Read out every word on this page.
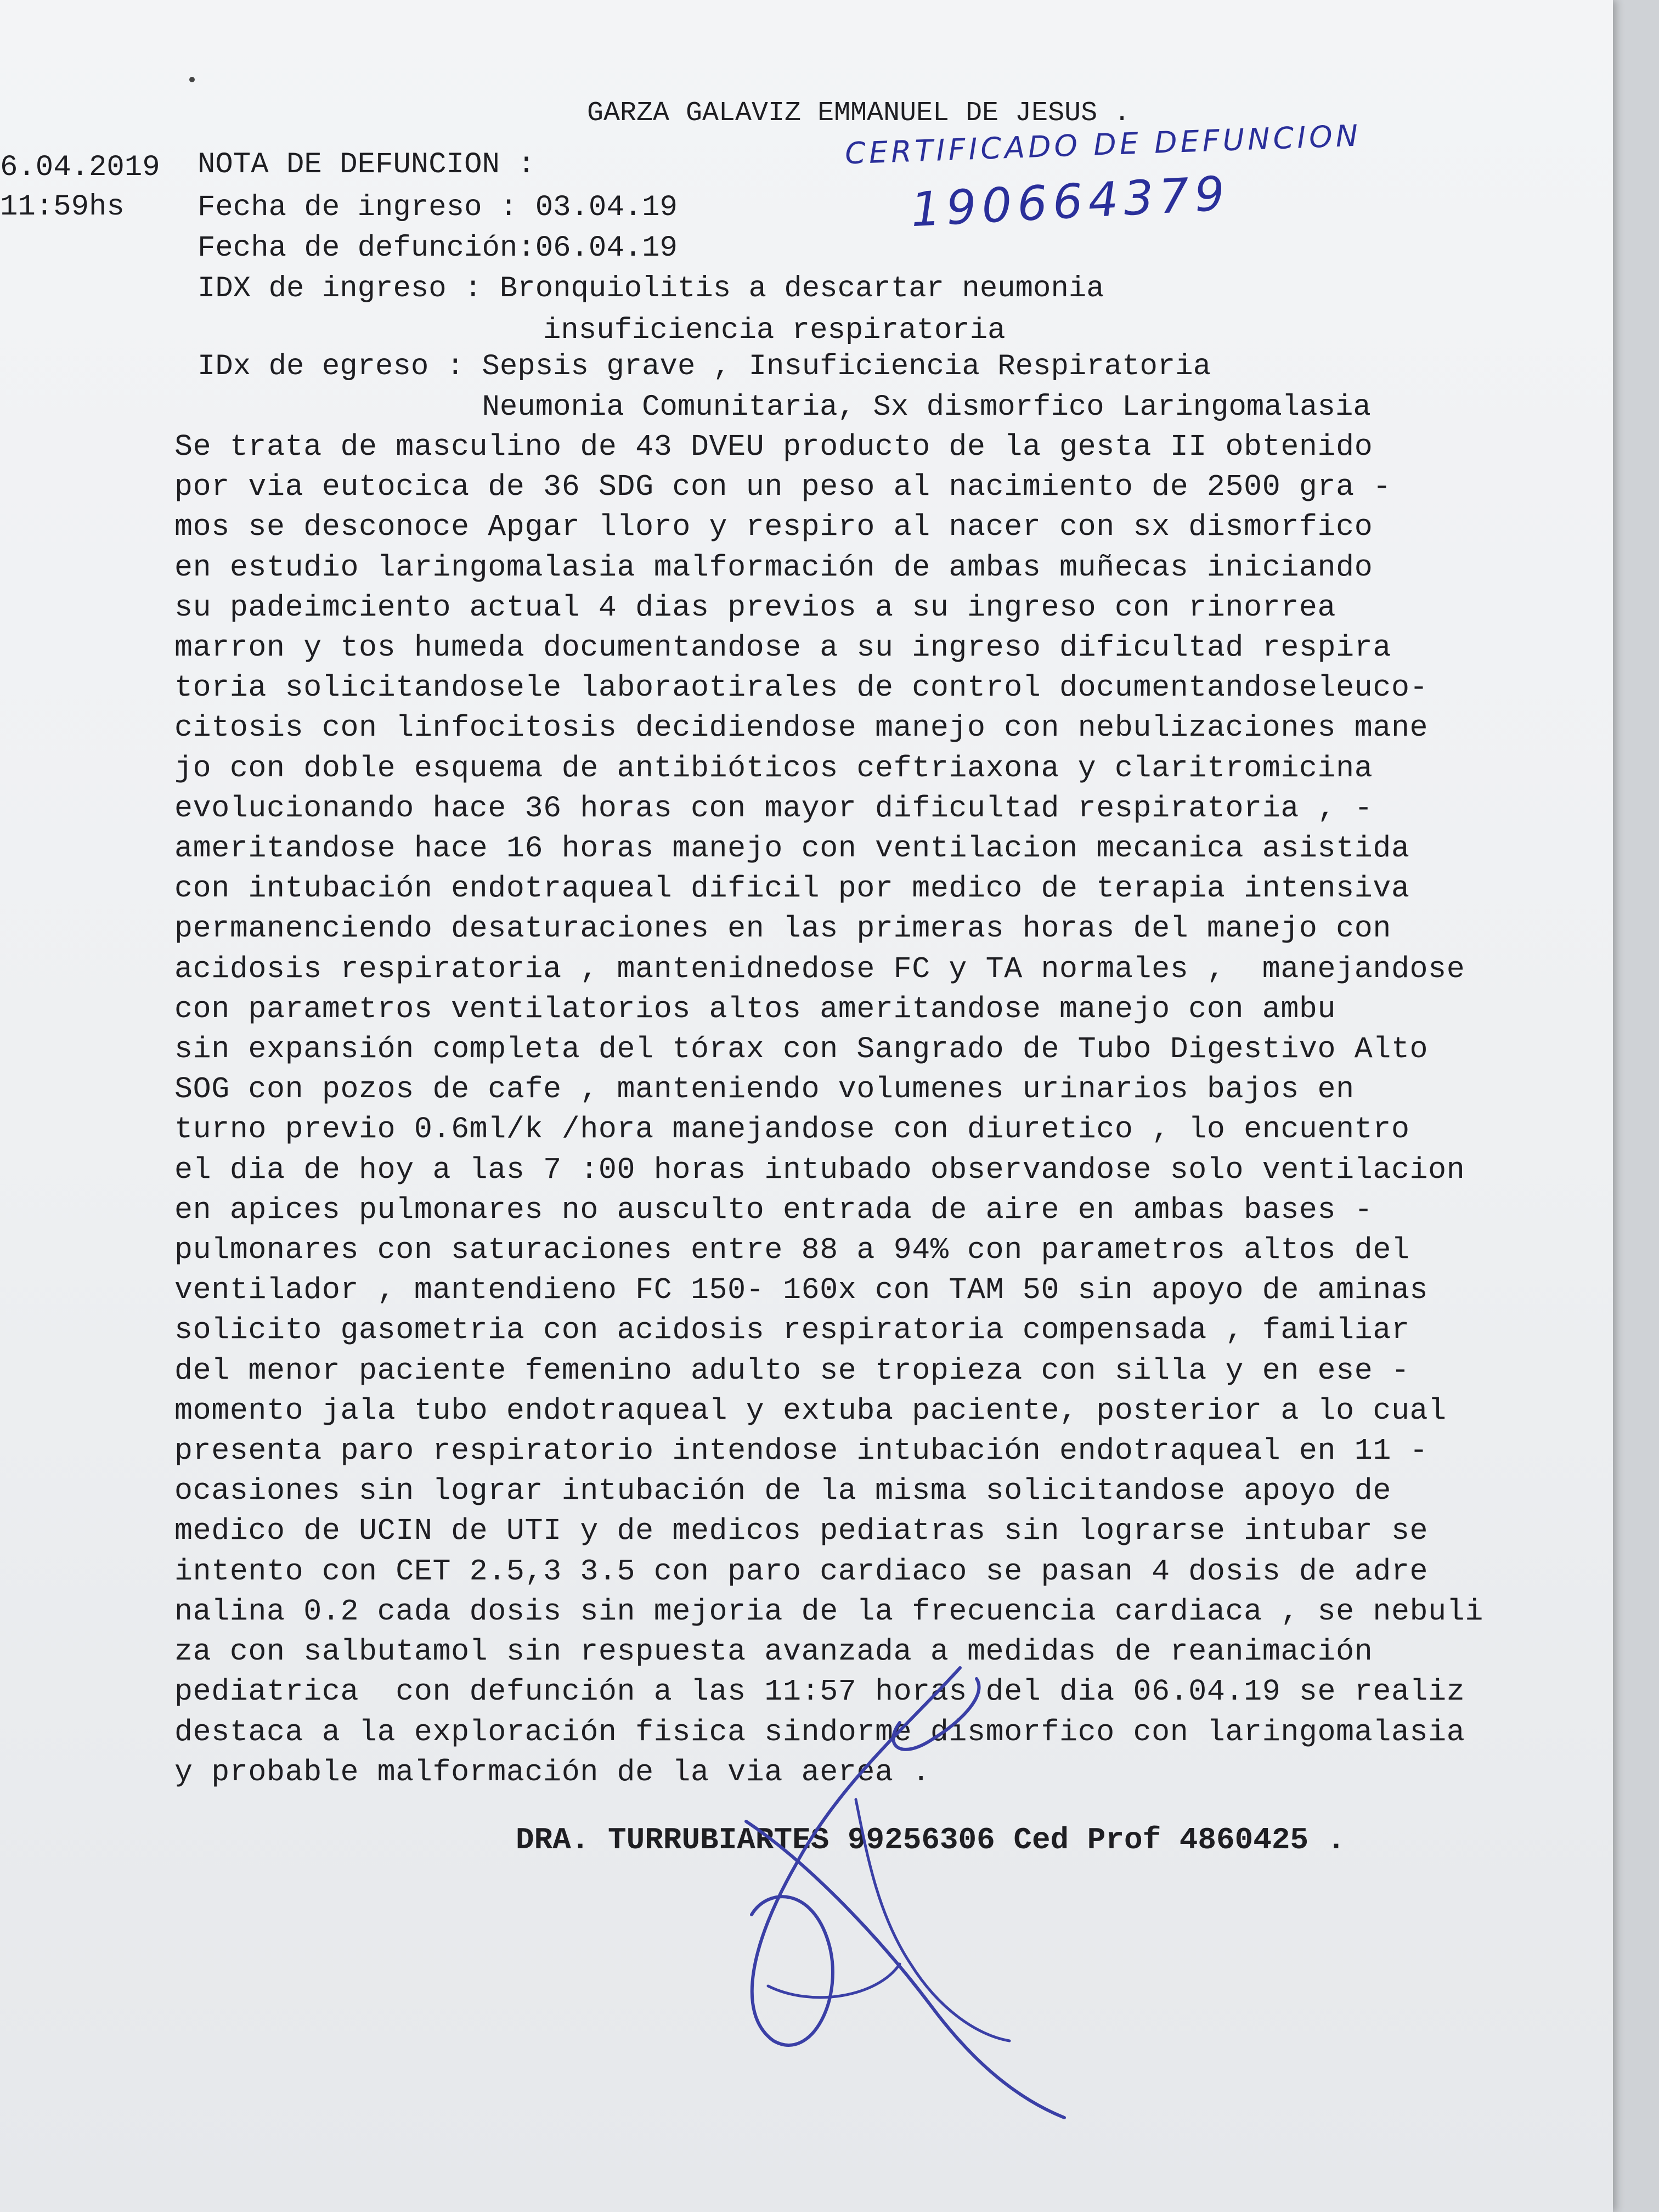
GARZA GALAVIZ EMMANUEL DE JESUS .
6.04.2019
11:59hs
NOTA DE DEFUNCION :
Fecha de ingreso : 03.04.19
Fecha de defunción:06.04.19
IDX de ingreso : Bronquiolitis a descartar neumonia
insuficiencia respiratoria
IDx de egreso : Sepsis grave , Insuficiencia Respiratoria
Neumonia Comunitaria, Sx dismorfico Laringomalasia
Se trata de masculino de 43 DVEU producto de la gesta II obtenido
por via eutocica de 36 SDG con un peso al nacimiento de 2500 gra -
mos se desconoce Apgar lloro y respiro al nacer con sx dismorfico
en estudio laringomalasia malformación de ambas muñecas iniciando
su padeimciento actual 4 dias previos a su ingreso con rinorrea
marron y tos humeda documentandose a su ingreso dificultad respira
toria solicitandosele laboraotirales de control documentandoseleuco-
citosis con linfocitosis decidiendose manejo con nebulizaciones mane
jo con doble esquema de antibióticos ceftriaxona y claritromicina
evolucionando hace 36 horas con mayor dificultad respiratoria , -
ameritandose hace 16 horas manejo con ventilacion mecanica asistida
con intubación endotraqueal dificil por medico de terapia intensiva
permanenciendo desaturaciones en las primeras horas del manejo con
acidosis respiratoria , mantenidnedose FC y TA normales ,  manejandose
con parametros ventilatorios altos ameritandose manejo con ambu
sin expansión completa del tórax con Sangrado de Tubo Digestivo Alto
SOG con pozos de cafe , manteniendo volumenes urinarios bajos en
turno previo 0.6ml/k /hora manejandose con diuretico , lo encuentro
el dia de hoy a las 7 :00 horas intubado observandose solo ventilacion
en apices pulmonares no ausculto entrada de aire en ambas bases -
pulmonares con saturaciones entre 88 a 94% con parametros altos del
ventilador , mantendieno FC 150- 160x con TAM 50 sin apoyo de aminas
solicito gasometria con acidosis respiratoria compensada , familiar
del menor paciente femenino adulto se tropieza con silla y en ese -
momento jala tubo endotraqueal y extuba paciente, posterior a lo cual
presenta paro respiratorio intendose intubación endotraqueal en 11 -
ocasiones sin lograr intubación de la misma solicitandose apoyo de
medico de UCIN de UTI y de medicos pediatras sin lograrse intubar se
intento con CET 2.5,3 3.5 con paro cardiaco se pasan 4 dosis de adre
nalina 0.2 cada dosis sin mejoria de la frecuencia cardiaca , se nebuli
za con salbutamol sin respuesta avanzada a medidas de reanimación
pediatrica  con defunción a las 11:57 horas del dia 06.04.19 se realiz
destaca a la exploración fisica sindorme dismorfico con laringomalasia
y probable malformación de la via aerea .
DRA. TURRUBIARTES 99256306 Ced Prof 4860425 .
CERTIFICADO DE DEFUNCION
190664379
